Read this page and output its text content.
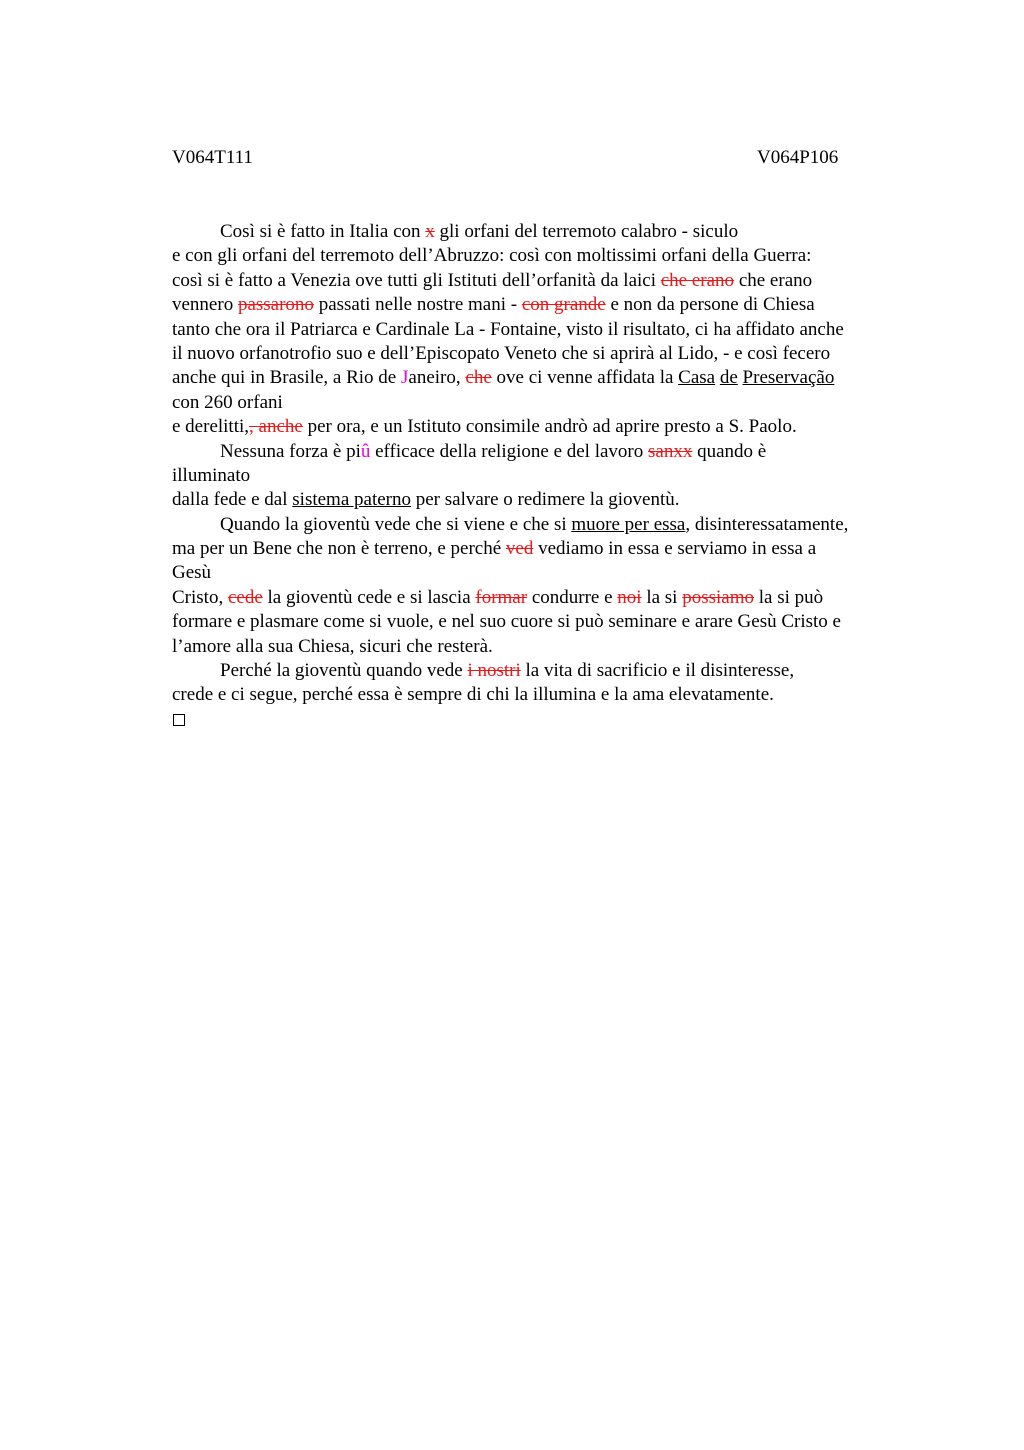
V064T111	V064P106
Così si è fatto in Italia con x gli orfani del terremoto calabro - siculo
e con gli orfani del terremoto dell’Abruzzo: così con moltissimi orfani della Guerra:
così si è fatto a Venezia ove tutti gli Istituti dell’orfanità da laici che erano che erano
vennero passarono passati nelle nostre mani - con grande e non da persone di Chiesa
tanto che ora il Patriarca e Cardinale La - Fontaine, visto il risultato, ci ha affidato anche
il nuovo orfanotrofio suo e dell’Episcopato Veneto che si aprirà al Lido, - e così fecero
anche qui in Brasile, a Rio de Janeiro, che ove ci venne affidata la Casa de Preservação
con 260 orfani
e derelitti,, anche per ora, e un Istituto consimile andrò ad aprire presto a S. Paolo.
Nessuna forza è piû efficace della religione e del lavoro sanxx quando è
illuminato
dalla fede e dal sistema paterno per salvare o redimere la gioventù.
Quando la gioventù vede che si viene e che si muore per essa, disinteressatamente,
ma per un Bene che non è terreno, e perché ved vediamo in essa e serviamo in essa a
Gesù
Cristo, cede la gioventù cede e si lascia formar condurre e noi la si possiamo la si può
formare e plasmare come si vuole, e nel suo cuore si può seminare e arare Gesù Cristo e
l’amore alla sua Chiesa, sicuri che resterà.
Perché la gioventù quando vede i nostri la vita di sacrificio e il disinteresse,
crede e ci segue, perché essa è sempre di chi la illumina e la ama elevatamente.
